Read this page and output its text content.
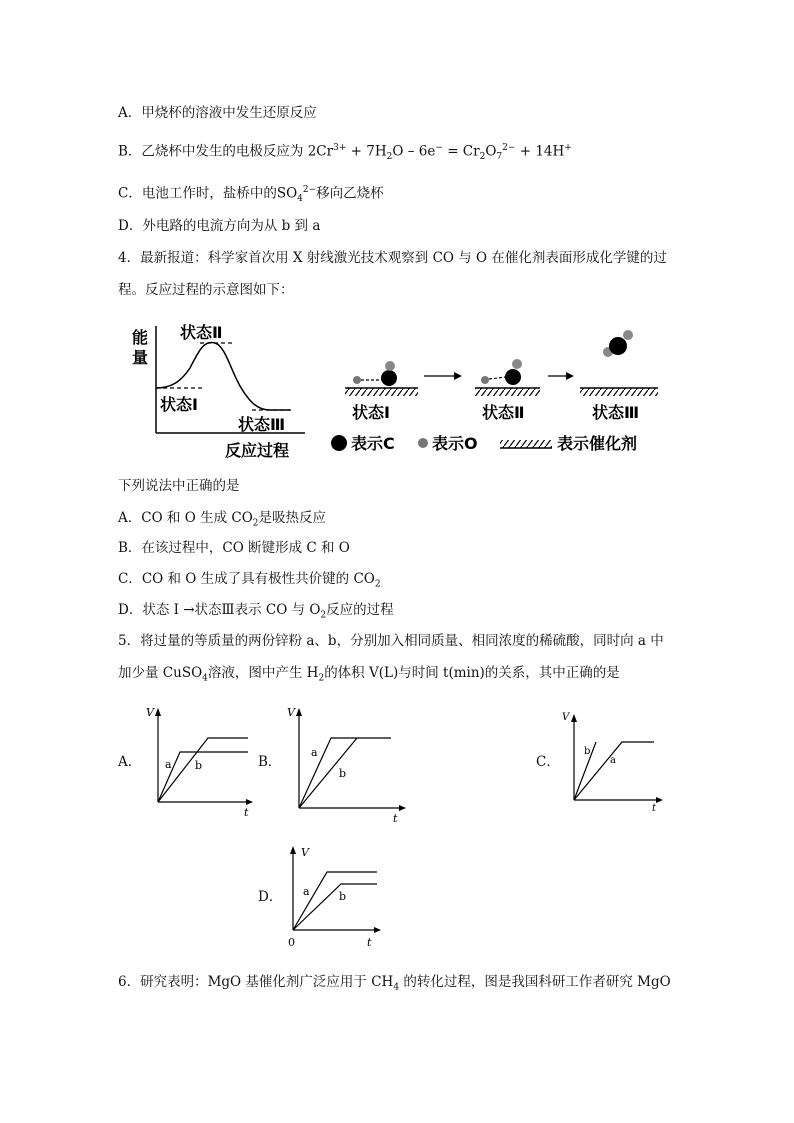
A．甲烧杯的溶液中发生还原反应
B．乙烧杯中发生的电极反应为 $2Cr^{3+} + 7H_2O - 6e^- = Cr_2O_7^{2-} + 14H^+$
C．电池工作时，盐桥中的$SO_4^{2-}$移向乙烧杯
D．外电路的电流方向为从 b 到 a
4．最新报道：科学家首次用 X 射线激光技术观察到 CO 与 O 在催化剂表面形成化学键的过
程。反应过程的示意图如下：
能
量
状态Ⅱ
状态Ⅰ
状态Ⅲ
反应过程
状态Ⅰ	状态Ⅱ	状态Ⅲ
表示C 表示O	表示催化剂
下列说法中正确的是
A．CO 和 O 生成 $CO_2$是吸热反应
B．在该过程中，CO 断键形成 C 和 O
C．CO 和 O 生成了具有极性共价键的 $CO_2$
D．状态 Ⅰ →状态Ⅲ表示 CO 与 $O_2$反应的过程
5．将过量的等质量的两份锌粉 a、b，分别加入相同质量、相同浓度的稀硫酸，同时向 a 中
加少量 CuSO$_4$溶液，图中产生 $H_2$的体积 V(L)与时间 t(min)的关系，其中正确的是
A．
V
t
a b	B．
V
t
a
b
C．
V
t
b
a
D．
V
t
0
a	b
6．研究表明：MgO 基催化剂广泛应用于 $CH_4$ 的转化过程，图是我国科研工作者研究 MgO
